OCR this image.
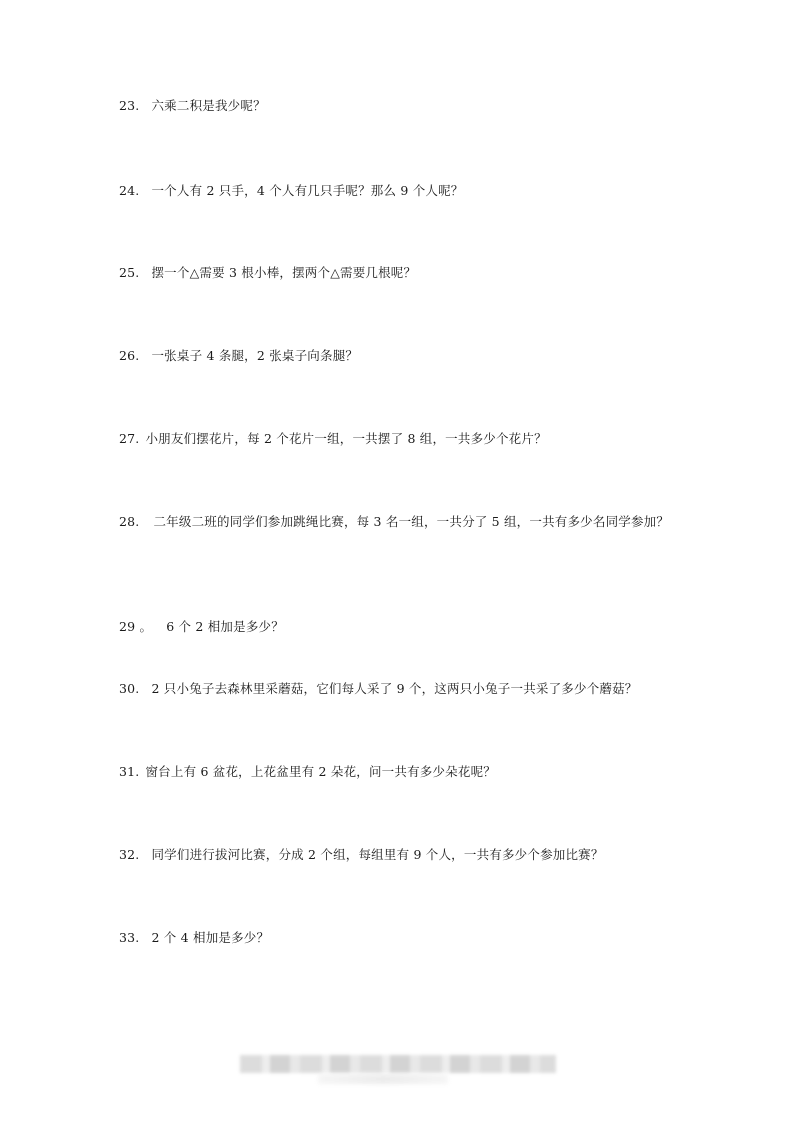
23. 六乘二积是我少呢？
24. 一个人有 2 只手，4 个人有几只手呢？那么 9 个人呢？
25. 摆一个△需要 3 根小棒，摆两个△需要几根呢？
26. 一张桌子 4 条腿，2 张桌子向条腿？
27. 小朋友们摆花片，每 2 个花片一组，一共摆了 8 组，一共多少个花片？
28. 二年级二班的同学们参加跳绳比赛，每 3 名一组，一共分了 5 组，一共有多少名同学参加？
29 。 6 个 2 相加是多少？
30. 2 只小兔子去森林里采蘑菇，它们每人采了 9 个，这两只小兔子一共采了多少个蘑菇？
31. 窗台上有 6 盆花，上花盆里有 2 朵花，问一共有多少朵花呢？
32. 同学们进行拔河比赛，分成 2 个组，每组里有 9 个人，一共有多少个参加比赛？
33. 2 个 4 相加是多少？
